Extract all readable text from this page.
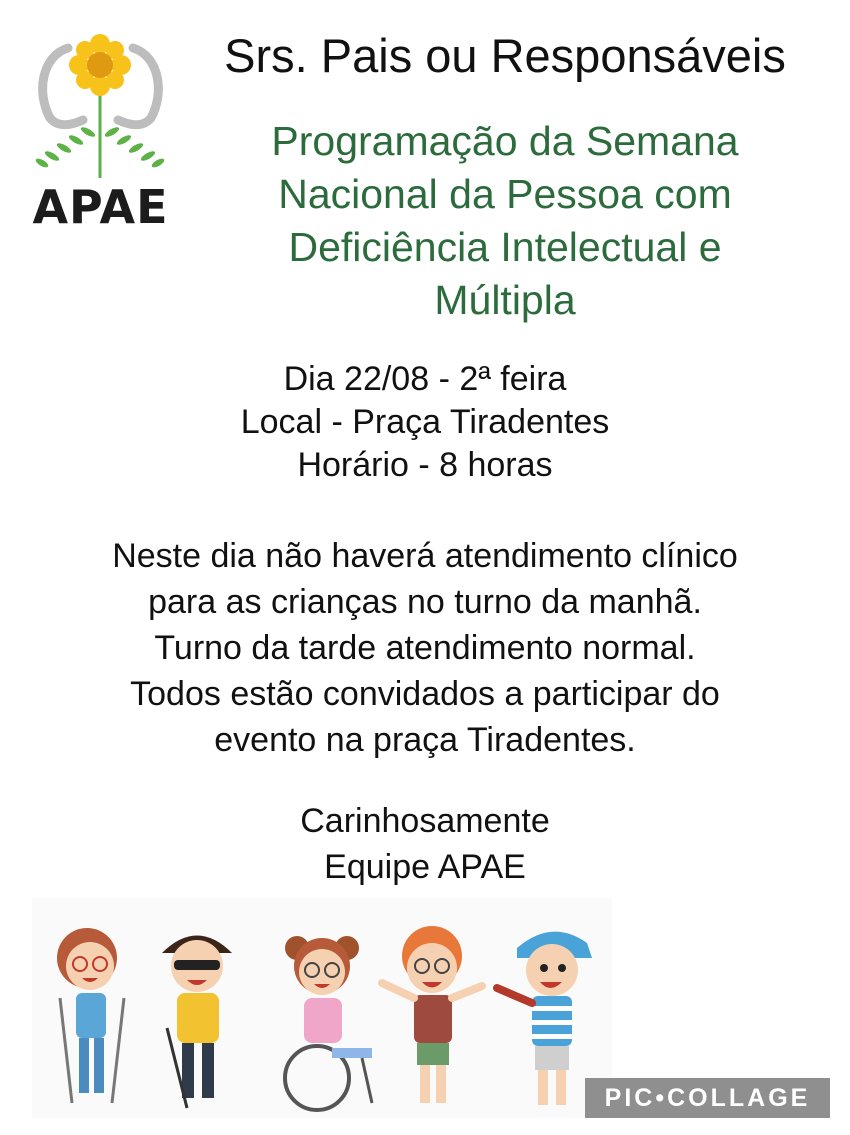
APAE
Srs. Pais ou Responsáveis
Programação da Semana
Nacional da Pessoa com
Deficiência Intelectual e
Múltipla
Dia 22/08 - 2ª feira
Local - Praça Tiradentes
Horário - 8 horas
Neste dia não haverá atendimento clínico
para as crianças no turno da manhã.
Turno da tarde atendimento normal.
Todos estão convidados a participar do
evento na praça Tiradentes.
Carinhosamente
Equipe APAE
PIC•COLLAGE
